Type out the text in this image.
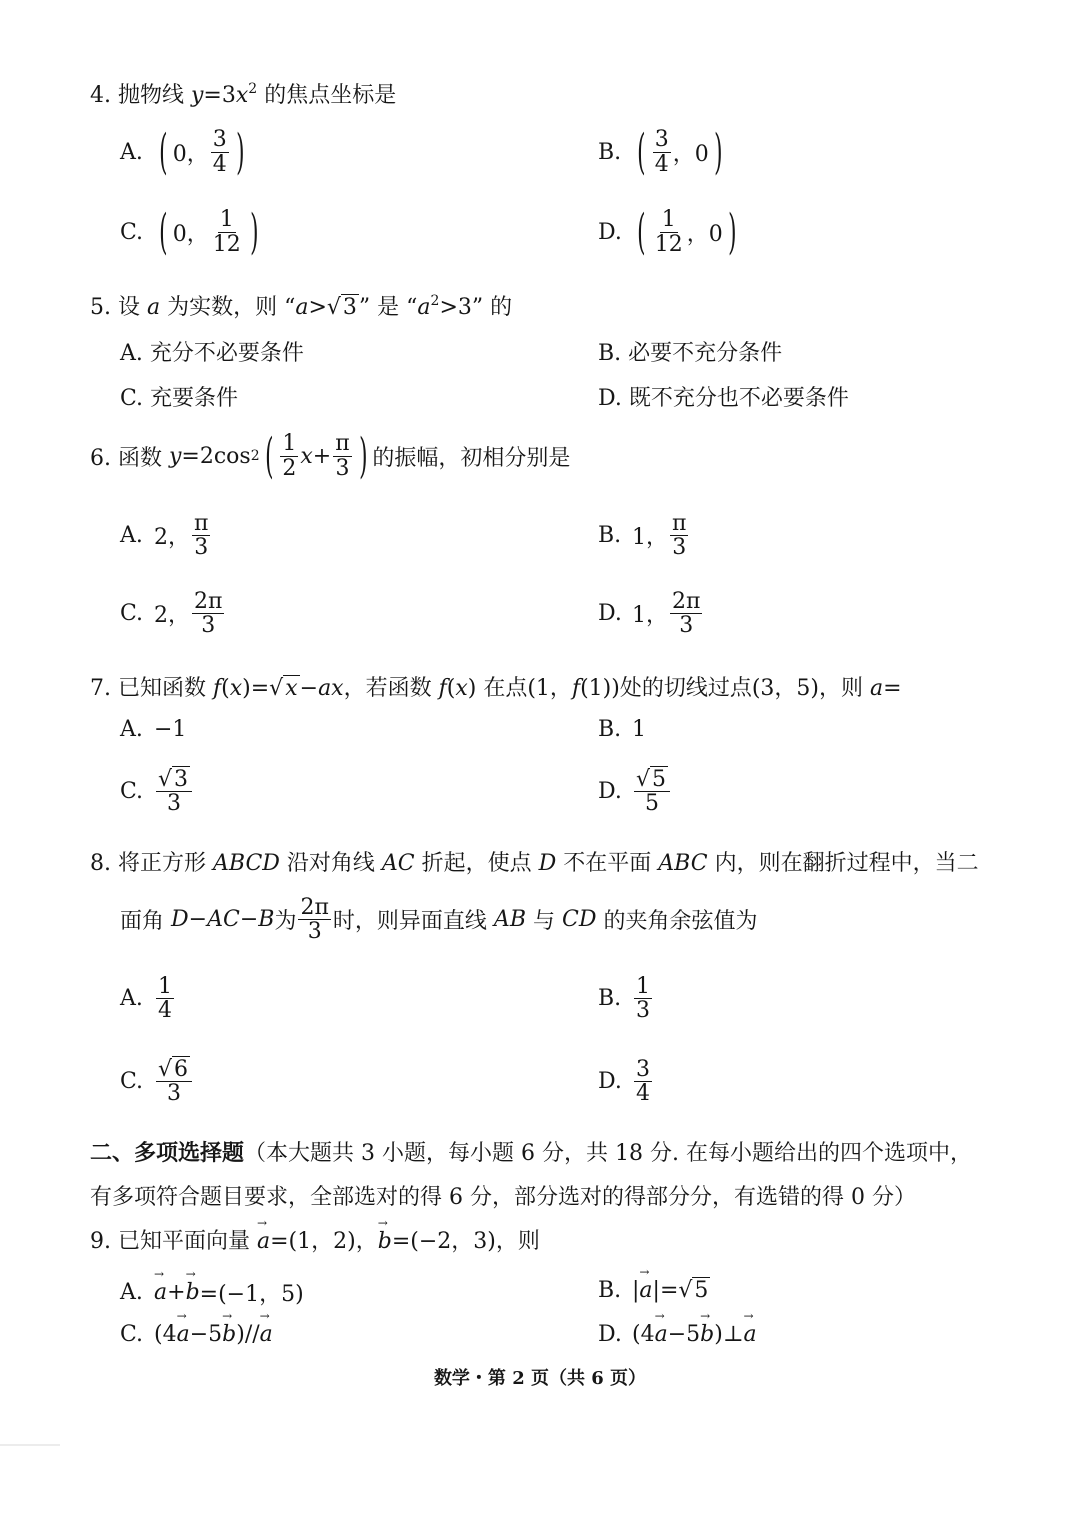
4. 抛物线 $y=3x^2$ 的焦点坐标是
A. ( 0， $\frac{3}{4}$ )	B. ( $\frac{3}{4}$ ，0 )
C. ( 0， $\frac{1}{12}$ )	D. ( $\frac{1}{12}$ ，0 )
5. 设 a 为实数，则 “a>√3” 是 “$a^2>3$” 的
A. 充分不必要条件	B. 必要不充分条件
C. 充要条件	D. 既不充分也不必要条件
6. 函数 y =2cos 2 ( $\frac{1}{2}$ $x + \frac{\pi}{3}$ ) 的振幅，初相分别是
A. 2， $\frac{\pi}{3}$	B. 1， $\frac{\pi}{3}$
C. 2， $\frac{2\pi}{3}$	D. 1， $\frac{2\pi}{3}$
7. 已知函数 f(x)=√x−ax，若函数 f(x) 在点(1，f(1))处的切线过点(3，5)，则 a=
A. −1	B. 1
C. $\frac{√3}{3}$	D. $\frac{√5}{5}$
8. 将正方形 ABCD 沿对角线 AC 折起，使点 D 不在平面 ABC 内，则在翻折过程中，当二
面角 D − AC − B 为 $\frac{2\pi}{3}$ 时，则异面直线 AB 与 CD 的夹角余弦值为
A. $\frac{1}{4}$	B. $\frac{1}{3}$
C. $\frac{√6}{3}$	D. $\frac{3}{4}$
二、多项选择题（本大题共 3 小题，每小题 6 分，共 18 分. 在每小题给出的四个选项中，
有多项符合题目要求，全部选对的得 6 分，部分选对的得部分分，有选错的得 0 分）
9. 已知平面向量 → a=(1，2)，→ b=(−2，3)，则
A. → a + → b =(−1，5)	B. | → a |=√ 5
C. (4 → a −5 → b )// → a	D. (4 → a −5 → b )⊥ → a
数学・第 2 页（共 6 页）
